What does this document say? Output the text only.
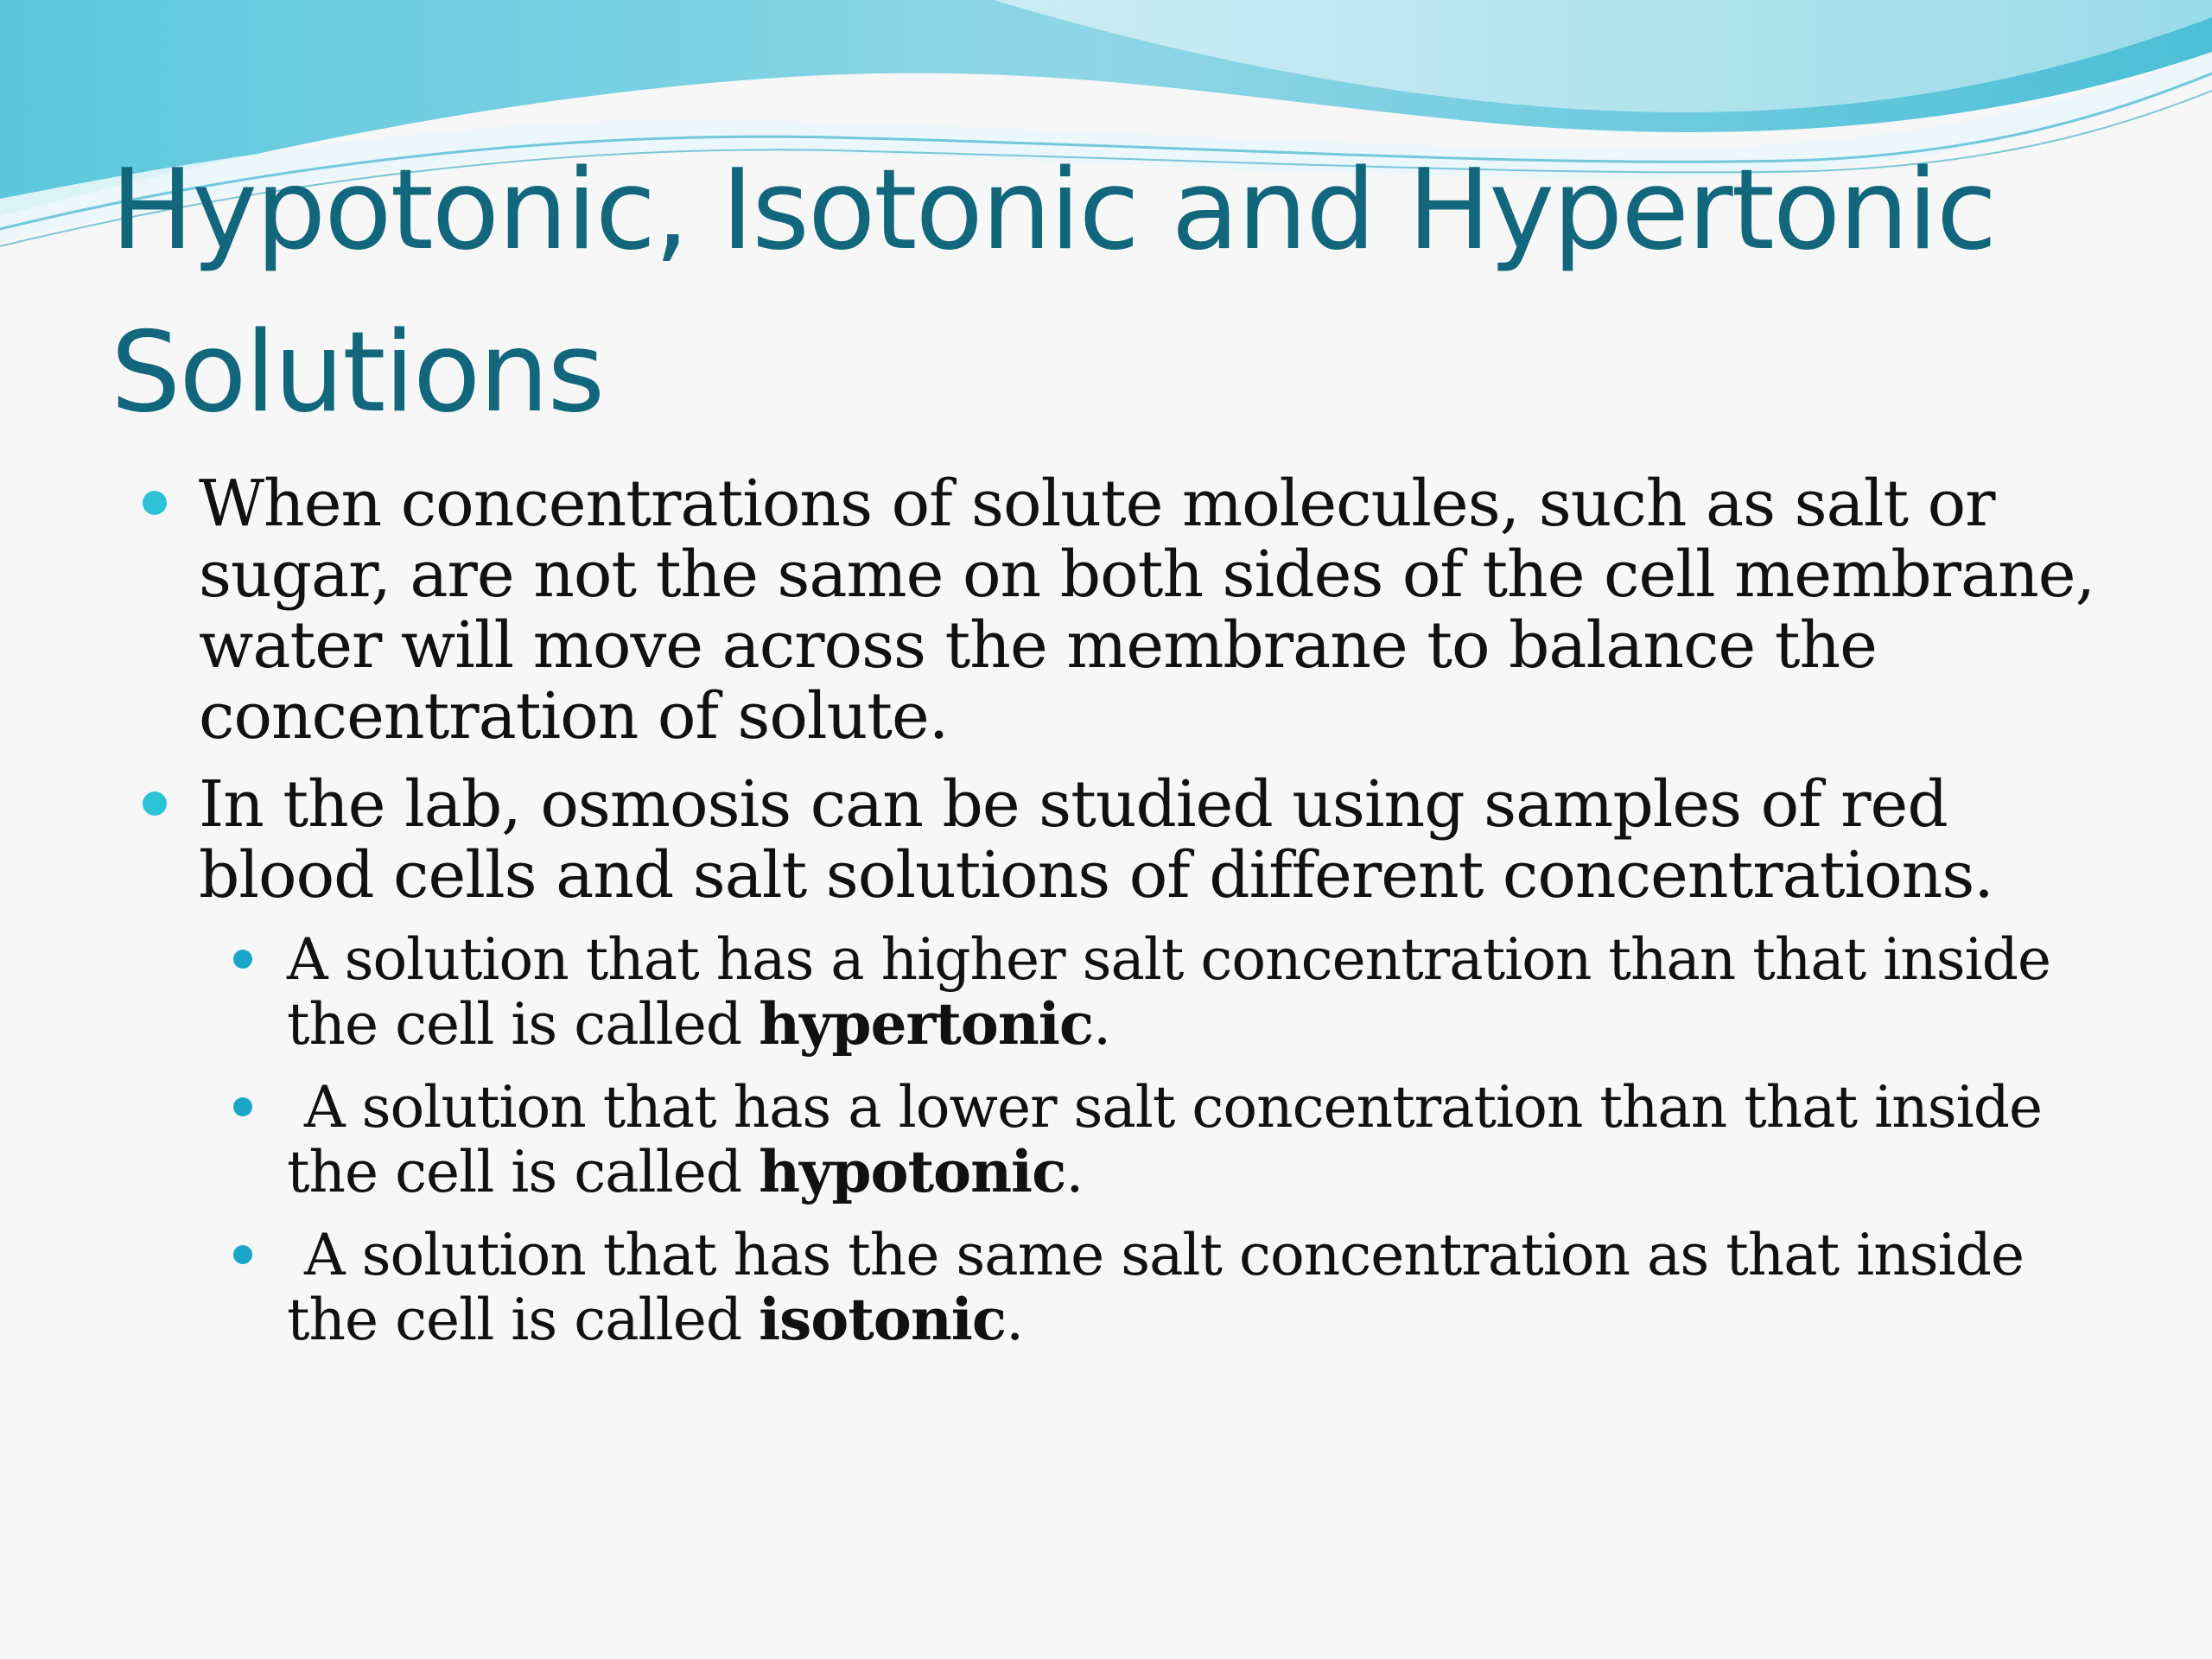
Hypotonic, Isotonic and Hypertonic Solutions
When concentrations of solute molecules, such as salt or sugar, are not the same on both sides of the cell membrane, water will move across the membrane to balance the concentration of solute.
In the lab, osmosis can be studied using samples of red blood cells and salt solutions of different concentrations.
A solution that has a higher salt concentration than that inside the cell is called hypertonic.
A solution that has a lower salt concentration than that inside the cell is called hypotonic.
A solution that has the same salt concentration as that inside the cell is called isotonic.
